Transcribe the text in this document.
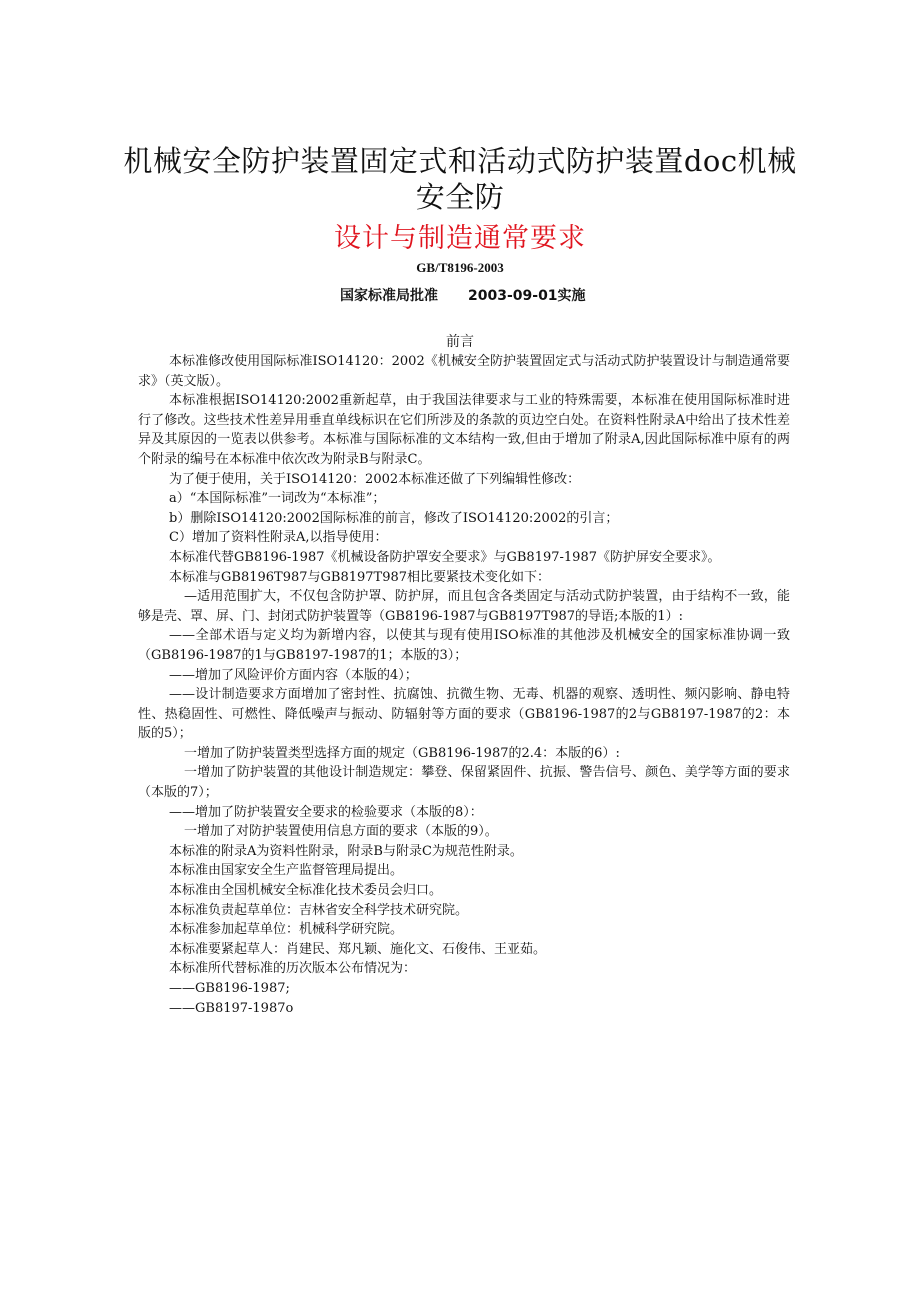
机械安全防护装置固定式和活动式防护装置doc机械安全防
设计与制造通常要求
GB/T8196-2003
国家标准局批准 2003-09-01实施
前言

本标准修改使用国际标准ISO14120：2002《机械安全防护装置固定式与活动式防护装置设计与制造通常要求》（英文版）。

本标准根据ISO14120:2002重新起草，由于我国法律要求与工业的特殊需要，本标准在使用国际标准时进行了修改。这些技术性差异用垂直单线标识在它们所涉及的条款的页边空白处。在资料性附录A中给出了技术性差异及其原因的一览表以供参考。本标准与国际标准的文本结构一致,但由于增加了附录A,因此国际标准中原有的两个附录的编号在本标准中依次改为附录B与附录C。

为了便于使用，关于ISO14120：2002本标准还做了下列编辑性修改：

a）“本国际标准”一词改为“本标准”；

b）删除ISO14120:2002国际标准的前言，修改了ISO14120:2002的引言；

C）增加了资料性附录A,以指导使用：

本标准代替GB8196-1987《机械设备防护罩安全要求》与GB8197-1987《防护屏安全要求》。

本标准与GB8196T987与GB8197T987相比要紧技术变化如下：

—适用范围扩大，不仅包含防护罩、防护屏，而且包含各类固定与活动式防护装置，由于结构不一致，能够是壳、罩、屏、门、封闭式防护装置等（GB8196-1987与GB8197T987的导语;本版的1）:

——全部术语与定义均为新增内容，以使其与现有使用ISO标准的其他涉及机械安全的国家标准协调一致（GB8196-1987的1与GB8197-1987的1；本版的3）；

——增加了风险评价方面内容（本版的4）；

——设计制造要求方面增加了密封性、抗腐蚀、抗微生物、无毒、机器的观察、透明性、频闪影响、静电特性、热稳固性、可燃性、降低噪声与振动、防辐射等方面的要求（GB8196-1987的2与GB8197-1987的2：本版的5）；

一增加了防护装置类型选择方面的规定（GB8196-1987的2.4：本版的6）:

一增加了防护装置的其他设计制造规定：攀登、保留紧固件、抗振、警告信号、颜色、美学等方面的要求（本版的7）；

——增加了防护装置安全要求的检验要求（本版的8）：

一增加了对防护装置使用信息方面的要求（本版的9）。

本标准的附录A为资料性附录，附录B与附录C为规范性附录。

本标准由国家安全生产监督管理局提出。

本标准由全国机械安全标准化技术委员会归口。

本标准负责起草单位：吉林省安全科学技术研究院。

本标准参加起草单位：机械科学研究院。

本标准要紧起草人：肖建民、郑凡颖、施化文、石俊伟、王亚茹。

本标准所代替标准的历次版本公布情况为：

——GB8196-1987;

——GB8197-1987o
